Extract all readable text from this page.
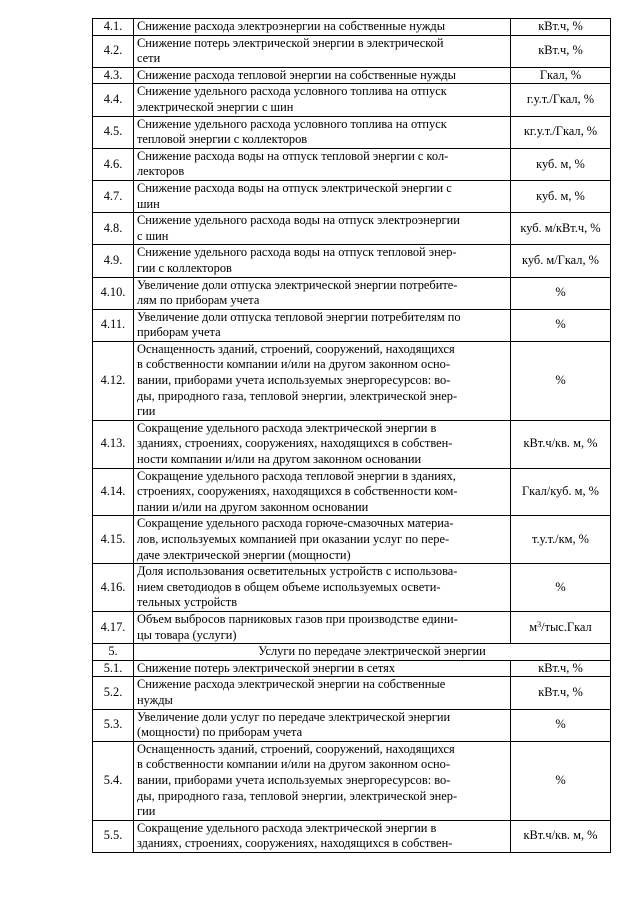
4.1.	Снижение расхода электроэнергии на собственные нужды	кВт.ч, %
4.2.	Снижение потерь электрической энергии в электрической
сети	кВт.ч, %
4.3.	Снижение расхода тепловой энергии на собственные нужды	Гкал, %
4.4.	Снижение удельного расхода условного топлива на отпуск
электрической энергии с шин	г.у.т./Гкал, %
4.5.	Снижение удельного расхода условного топлива на отпуск
тепловой энергии с коллекторов	кг.у.т./Гкал, %
4.6.	Снижение расхода воды на отпуск тепловой энергии с кол-
лекторов	куб. м, %
4.7.	Снижение расхода воды на отпуск электрической энергии с
шин	куб. м, %
4.8.	Снижение удельного расхода воды на отпуск электроэнергии
с шин	куб. м/кВт.ч, %
4.9.	Снижение удельного расхода воды на отпуск тепловой энер-
гии с коллекторов	куб. м/Гкал, %
4.10.	Увеличение доли отпуска электрической энергии потребите-
лям по приборам учета	%
4.11.	Увеличение доли отпуска тепловой энергии потребителям по
приборам учета	%
4.12.	Оснащенность зданий, строений, сооружений, находящихся
в собственности компании и/или на другом законном осно-
вании, приборами учета используемых энергоресурсов: во-
ды, природного газа, тепловой энергии, электрической энер-
гии	%
4.13.	Сокращение удельного расхода электрической энергии в
зданиях, строениях, сооружениях, находящихся в собствен-
ности компании и/или на другом законном основании	кВт.ч/кв. м, %
4.14.	Сокращение удельного расхода тепловой энергии в зданиях,
строениях, сооружениях, находящихся в собственности ком-
пании и/или на другом законном основании	Гкал/куб. м, %
4.15.	Сокращение удельного расхода горюче-смазочных материа-
лов, используемых компанией при оказании услуг по пере-
даче электрической энергии (мощности)	т.у.т./км, %
4.16.	Доля использования осветительных устройств с использова-
нием светодиодов в общем объеме используемых освети-
тельных устройств	%
4.17.	Объем выбросов парниковых газов при производстве едини-
цы товара (услуги)	$м^3/тыс.Гкал$
5.	Услуги по передаче электрической энергии	
5.1.	Снижение потерь электрической энергии в сетях	кВт.ч, %
5.2.	Снижение расхода электрической энергии на собственные
нужды	кВт.ч, %
5.3.	Увеличение доли услуг по передаче электрической энергии
(мощности) по приборам учета	%
5.4.	Оснащенность зданий, строений, сооружений, находящихся
в собственности компании и/или на другом законном осно-
вании, приборами учета используемых энергоресурсов: во-
ды, природного газа, тепловой энергии, электрической энер-
гии	%
5.5.	Сокращение удельного расхода электрической энергии в
зданиях, строениях, сооружениях, находящихся в собствен-	кВт.ч/кв. м, %
